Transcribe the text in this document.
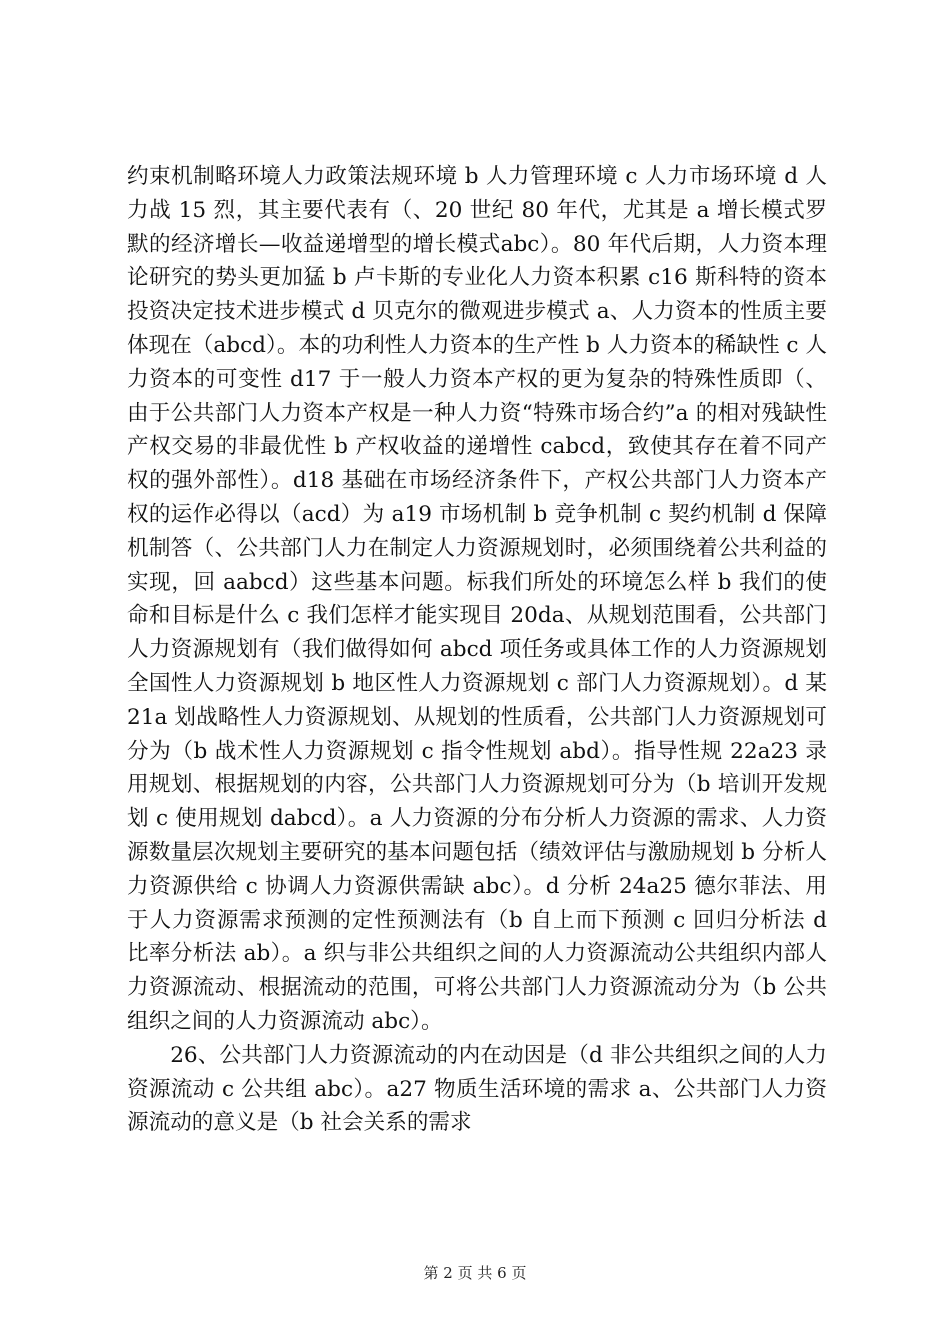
约束机制略环境人力政策法规环境 b 人力管理环境 c 人力市场环境 d 人力战 15 烈，其主要代表有（、20 世纪 80 年代，尤其是 a 增长模式罗默的经济增长—收益递增型的增长模式abc）。80 年代后期，人力资本理论研究的势头更加猛 b 卢卡斯的专业化人力资本积累 c16 斯科特的资本投资决定技术进步模式 d 贝克尔的微观进步模式 a、人力资本的性质主要体现在（abcd）。本的功利性人力资本的生产性 b 人力资本的稀缺性 c 人力资本的可变性 d17 于一般人力资本产权的更为复杂的特殊性质即（、由于公共部门人力资本产权是一种人力资“特殊市场合约”a 的相对残缺性产权交易的非最优性 b 产权收益的递增性 cabcd，致使其存在着不同产权的强外部性）。d18 基础在市场经济条件下，产权公共部门人力资本产权的运作必得以（acd）为 a19 市场机制 b 竞争机制 c 契约机制 d 保障机制答（、公共部门人力在制定人力资源规划时，必须围绕着公共利益的实现，回 aabcd）这些基本问题。标我们所处的环境怎么样 b 我们的使命和目标是什么 c 我们怎样才能实现目 20da、从规划范围看，公共部门人力资源规划有（我们做得如何 abcd 项任务或具体工作的人力资源规划全国性人力资源规划 b 地区性人力资源规划 c 部门人力资源规划）。d 某 21a 划战略性人力资源规划、从规划的性质看，公共部门人力资源规划可分为（b 战术性人力资源规划 c 指令性规划 abd）。指导性规 22a23 录用规划、根据规划的内容，公共部门人力资源规划可分为（b 培训开发规划 c 使用规划 dabcd）。a 人力资源的分布分析人力资源的需求、人力资源数量层次规划主要研究的基本问题包括（绩效评估与激励规划 b 分析人力资源供给 c 协调人力资源供需缺 abc）。d 分析 24a25 德尔菲法、用于人力资源需求预测的定性预测法有（b 自上而下预测 c 回归分析法 d 比率分析法 ab）。a 织与非公共组织之间的人力资源流动公共组织内部人力资源流动、根据流动的范围，可将公共部门人力资源流动分为（b 公共组织之间的人力资源流动 abc）。

26、公共部门人力资源流动的内在动因是（d 非公共组织之间的人力资源流动 c 公共组 abc）。a27 物质生活环境的需求 a、公共部门人力资源流动的意义是（b 社会关系的需求

第 2 页 共 6 页
